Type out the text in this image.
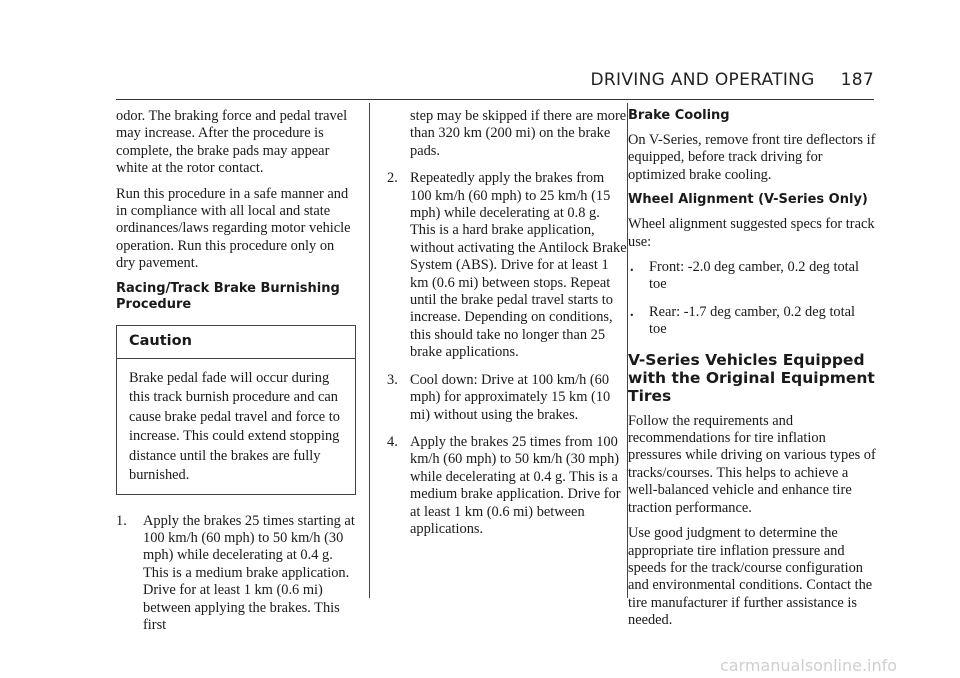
DRIVING AND OPERATING 187

odor. The braking force and pedal travel may increase. After the procedure is complete, the brake pads may appear white at the rotor contact.

Run this procedure in a safe manner and in compliance with all local and state ordinances/laws regarding motor vehicle operation. Run this procedure only on dry pavement.

Racing/Track Brake Burnishing Procedure
Caution
Brake pedal fade will occur during this track burnish procedure and can cause brake pedal travel and force to increase. This could extend stopping distance until the brakes are fully burnished.
1.	Apply the brakes 25 times starting at 100 km/h (60 mph) to 50 km/h (30 mph) while decelerating at 0.4 g. This is a medium brake application. Drive for at least 1 km (0.6 mi) between applying the brakes. This first
step may be skipped if there are more than 320 km (200 mi) on the brake pads.
2. Repeatedly apply the brakes from 100 km/h (60 mph) to 25 km/h (15 mph) while decelerating at 0.8 g. This is a hard brake application, without activating the Antilock Brake System (ABS). Drive for at least 1 km (0.6 mi) between stops. Repeat until the brake pedal travel starts to increase. Depending on conditions, this should take no longer than 25 brake applications.
3. Cool down: Drive at 100 km/h (60 mph) for approximately 15 km (10 mi) without using the brakes.
4. Apply the brakes 25 times from 100 km/h (60 mph) to 50 km/h (30 mph) while decelerating at 0.4 g. This is a medium brake application. Drive for at least 1 km (0.6 mi) between applications.
Brake Cooling

On V-Series, remove front tire deflectors if equipped, before track driving for optimized brake cooling.

Wheel Alignment (V-Series Only)

Wheel alignment suggested specs for track use:

.	Front: -2.0 deg camber, 0.2 deg total toe
.	Rear: -1.7 deg camber, 0.2 deg total toe
V-Series Vehicles Equipped with the Original Equipment Tires

Follow the requirements and recommendations for tire inflation pressures while driving on various types of tracks/courses. This helps to achieve a well-balanced vehicle and enhance tire traction performance.

Use good judgment to determine the appropriate tire inflation pressure and speeds for the track/course configuration and environmental conditions. Contact the tire manufacturer if further assistance is needed.

carmanualsonline.info
